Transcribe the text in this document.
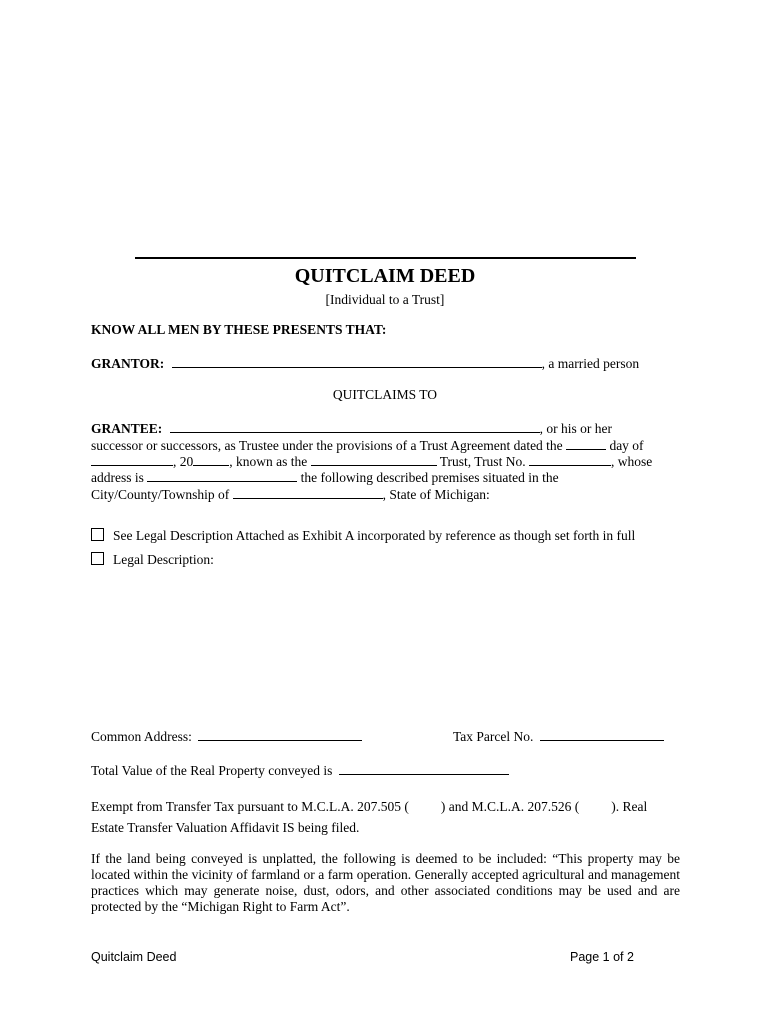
QUITCLAIM DEED
[Individual to a Trust]
KNOW ALL MEN BY THESE PRESENTS THAT:
GRANTOR:	, a married person
QUITCLAIMS TO
GRANTEE:	, or his or her
successor or successors, as Trustee under the provisions of a Trust Agreement dated the	day of
, 20	, known as the	Trust, Trust No.	, whose
address is	the following described premises situated in the
City/County/Township of	, State of Michigan:
See Legal Description Attached as Exhibit A incorporated by reference as though set forth in full
Legal Description:
Common Address:	Tax Parcel No.
Total Value of the Real Property conveyed is
Exempt from Transfer Tax pursuant to M.C.L.A. 207.505 ( ) and M.C.L.A. 207.526 ( ). Real
Estate Transfer Valuation Affidavit IS being filed.
If the land being conveyed is unplatted, the following is deemed to be included: “This property may be located within the vicinity of farmland or a farm operation. Generally accepted agricultural and management practices which may generate noise, dust, odors, and other associated conditions may be used and are protected by the “Michigan Right to Farm Act”.
Quitclaim Deed	Page 1 of 2
